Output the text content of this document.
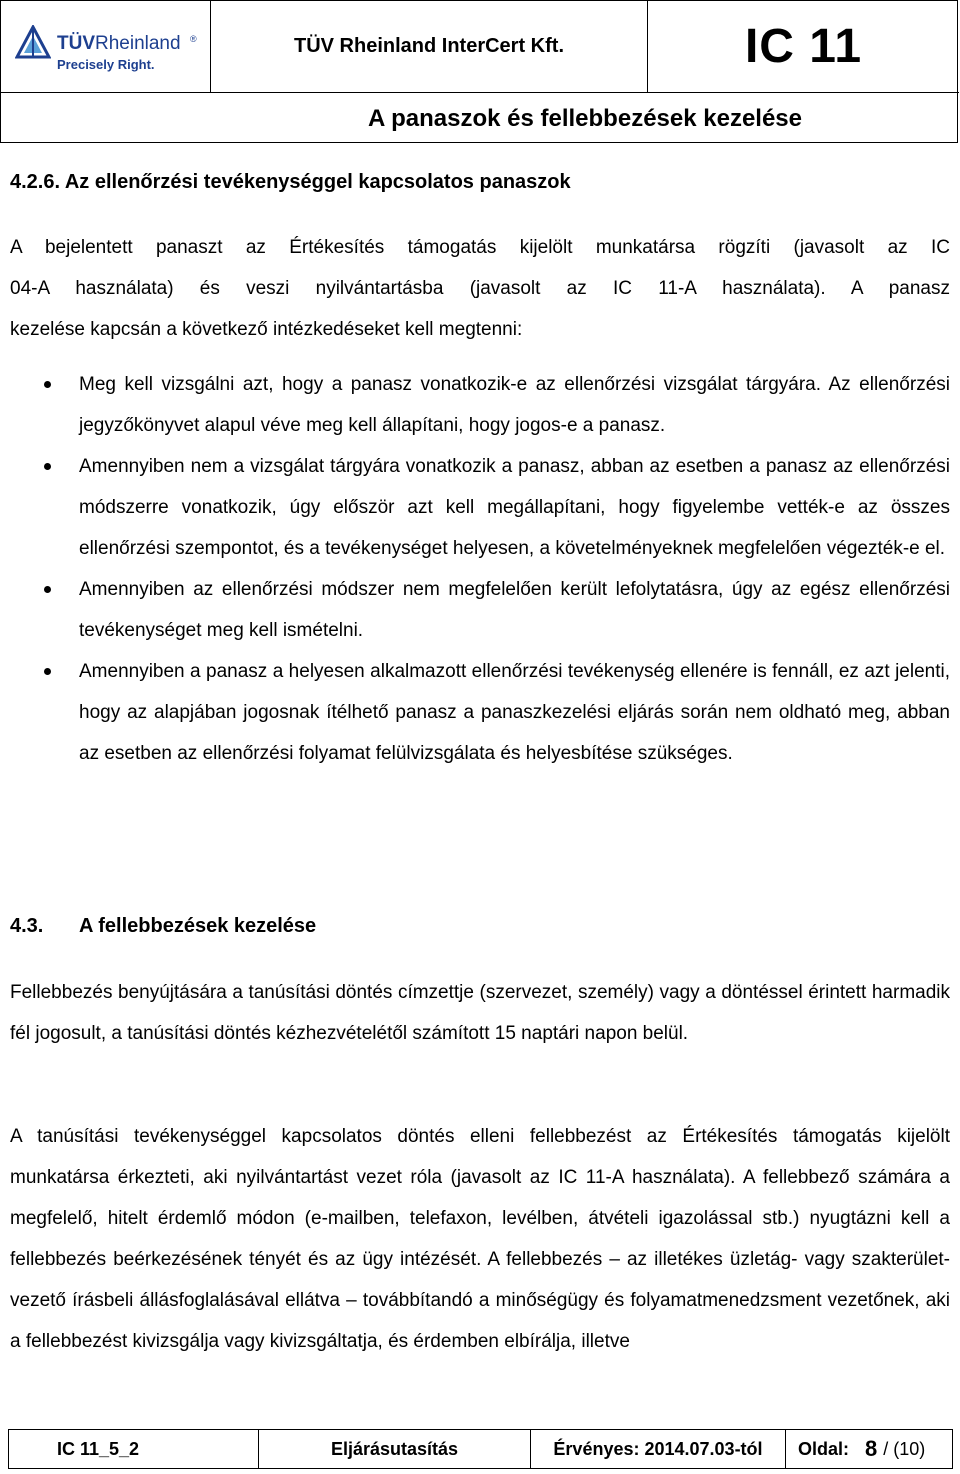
TÜVRheinland ®
Precisely Right.
TÜV Rheinland InterCert Kft.	IC 11
A panaszok és fellebbezések kezelése
4.2.6. Az ellenőrzési tevékenységgel kapcsolatos panaszok
A bejelentett panaszt az Értékesítés támogatás kijelölt munkatársa rögzíti (javasolt az IC
04-A használata) és veszi nyilvántartásba (javasolt az IC 11-A használata). A panasz
kezelése kapcsán a következő intézkedéseket kell megtenni:
Meg kell vizsgálni azt, hogy a panasz vonatkozik-e az ellenőrzési vizsgálat tárgyára. Az ellenőrzési jegyzőkönyvet alapul véve meg kell állapítani, hogy jogos-e a panasz.
Amennyiben nem a vizsgálat tárgyára vonatkozik a panasz, abban az esetben a panasz az ellenőrzési módszerre vonatkozik, úgy először azt kell megállapítani, hogy figyelembe vették-e az összes ellenőrzési szempontot, és a tevékenységet helyesen, a követelményeknek megfelelően végezték-e el.
Amennyiben az ellenőrzési módszer nem megfelelően került lefolytatásra, úgy az egész ellenőrzési tevékenységet meg kell ismételni.
Amennyiben a panasz a helyesen alkalmazott ellenőrzési tevékenység ellenére is fennáll, ez azt jelenti, hogy az alapjában jogosnak ítélhető panasz a panaszkezelési eljárás során nem oldható meg, abban az esetben az ellenőrzési folyamat felülvizsgálata és helyesbítése szükséges.
4.3. A fellebbezések kezelése
Fellebbezés benyújtására a tanúsítási döntés címzettje (szervezet, személy) vagy a döntéssel érintett harmadik fél jogosult, a tanúsítási döntés kézhezvételétől számított 15 naptári napon belül.
A tanúsítási tevékenységgel kapcsolatos döntés elleni fellebbezést az Értékesítés támogatás kijelölt munkatársa érkezteti, aki nyilvántartást vezet róla (javasolt az IC 11-A használata). A fellebbező számára a megfelelő, hitelt érdemlő módon (e-mailben, telefaxon, levélben, átvételi igazolással stb.) nyugtázni kell a fellebbezés beérkezésének tényét és az ügy intézését. A fellebbezés – az illetékes üzletág- vagy szakterület-vezető írásbeli állásfoglalásával ellátva – továbbítandó a minőségügy és folyamatmenedzsment vezetőnek, aki a fellebbezést kivizsgálja vagy kivizsgáltatja, és érdemben elbírálja, illetve
IC 11_5_2	Eljárásutasítás	Érvényes: 2014.07.03-tól	Oldal: 8 / (10)
